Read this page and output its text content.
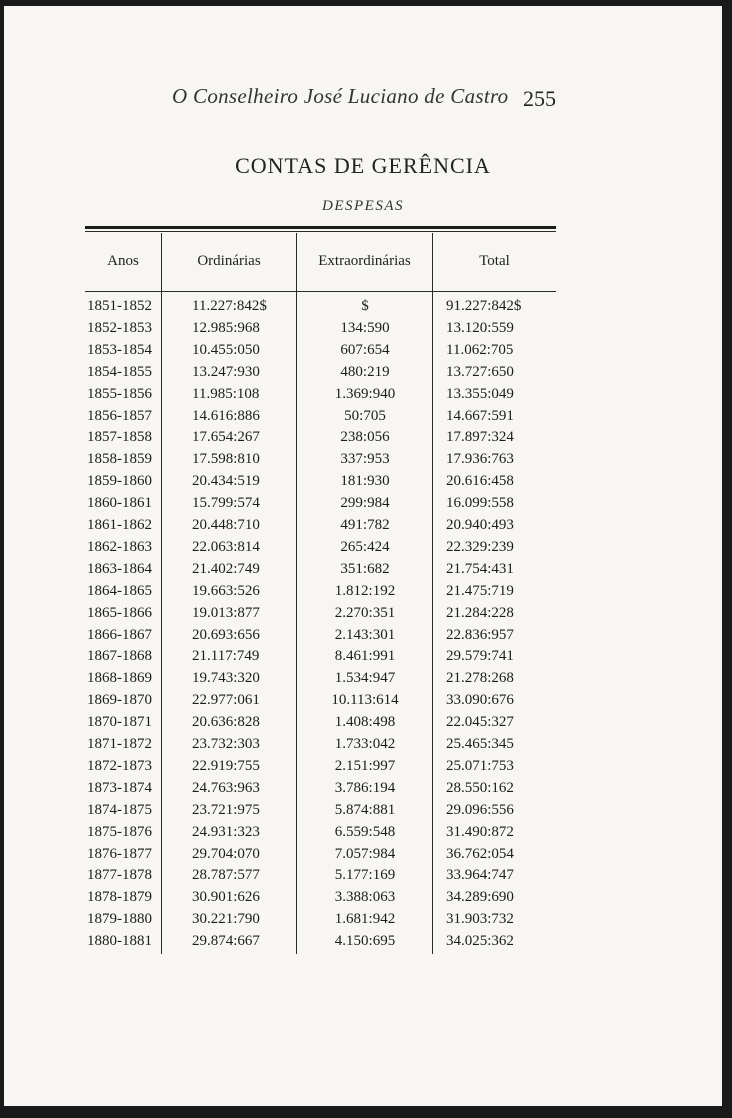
O Conselheiro José Luciano de Castro 255
CONTAS DE GERÊNCIA
DESPESAS
Anos	Ordinárias	Extraordinárias	Total
1851-1852	11.227:842$	$	91.227:842$
1852-1853	12.985:968	134:590	13.120:559
1853-1854	10.455:050	607:654	11.062:705
1854-1855	13.247:930	480:219	13.727:650
1855-1856	11.985:108	1.369:940	13.355:049
1856-1857	14.616:886	50:705	14.667:591
1857-1858	17.654:267	238:056	17.897:324
1858-1859	17.598:810	337:953	17.936:763
1859-1860	20.434:519	181:930	20.616:458
1860-1861	15.799:574	299:984	16.099:558
1861-1862	20.448:710	491:782	20.940:493
1862-1863	22.063:814	265:424	22.329:239
1863-1864	21.402:749	351:682	21.754:431
1864-1865	19.663:526	1.812:192	21.475:719
1865-1866	19.013:877	2.270:351	21.284:228
1866-1867	20.693:656	2.143:301	22.836:957
1867-1868	21.117:749	8.461:991	29.579:741
1868-1869	19.743:320	1.534:947	21.278:268
1869-1870	22.977:061	10.113:614	33.090:676
1870-1871	20.636:828	1.408:498	22.045:327
1871-1872	23.732:303	1.733:042	25.465:345
1872-1873	22.919:755	2.151:997	25.071:753
1873-1874	24.763:963	3.786:194	28.550:162
1874-1875	23.721:975	5.874:881	29.096:556
1875-1876	24.931:323	6.559:548	31.490:872
1876-1877	29.704:070	7.057:984	36.762:054
1877-1878	28.787:577	5.177:169	33.964:747
1878-1879	30.901:626	3.388:063	34.289:690
1879-1880	30.221:790	1.681:942	31.903:732
1880-1881	29.874:667	4.150:695	34.025:362
